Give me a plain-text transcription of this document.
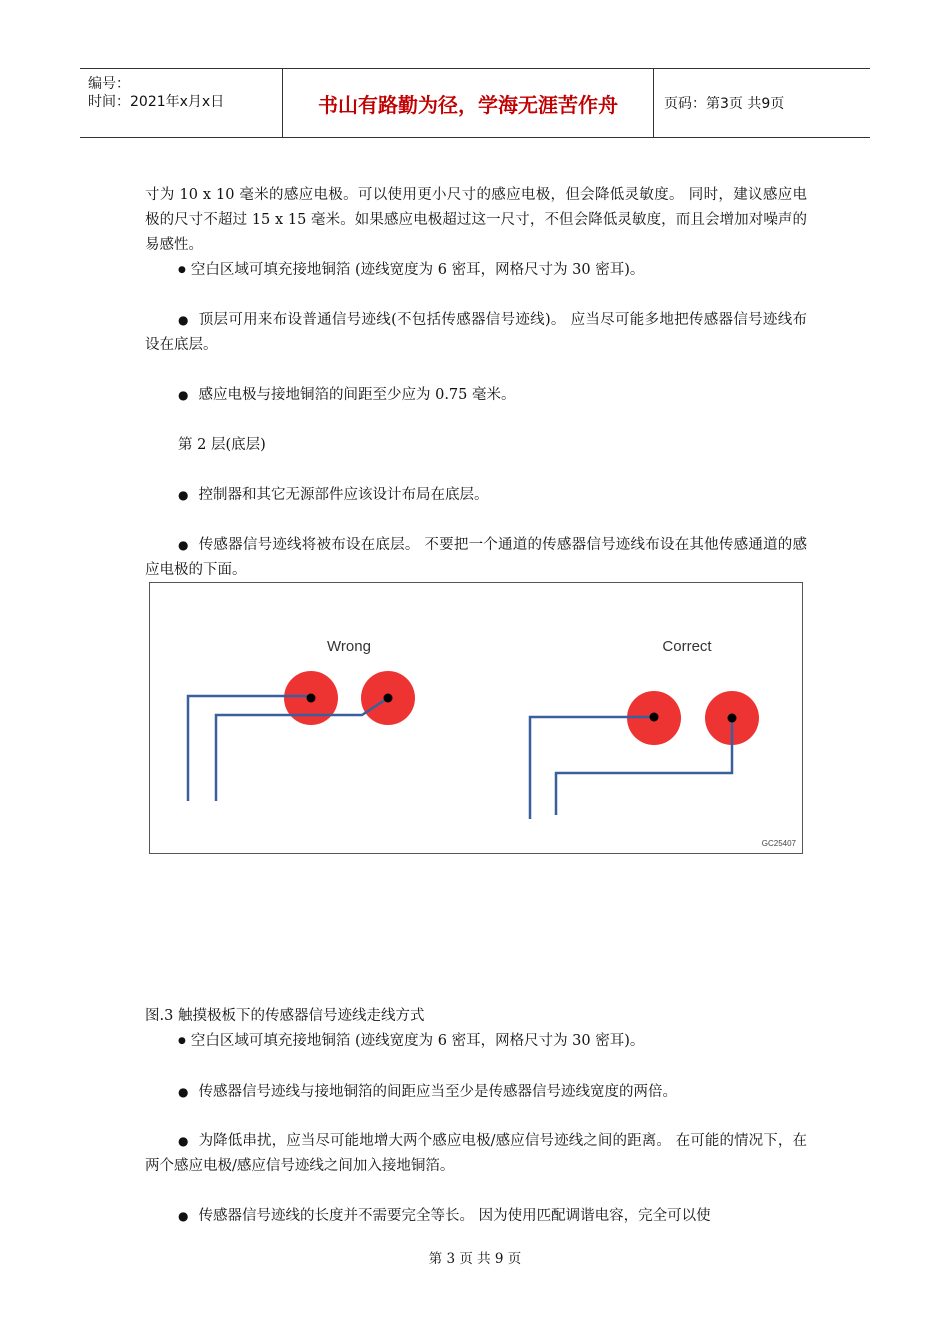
编号：
时间：2021年x月x日	书山有路勤为径，学海无涯苦作舟	页码：第3页 共9页

寸为 10 x 10 毫米的感应电极。可以使用更小尺寸的感应电极，但会降低灵敏度。 同时，建议感应电极的尺寸不超过 15 x 15 毫米。如果感应电极超过这一尺寸，不但会降低灵敏度，而且会增加对噪声的易感性。

● 空白区域可填充接地铜箔 (迹线宽度为 6 密耳，网格尺寸为 30 密耳)。

● 顶层可用来布设普通信号迹线(不包括传感器信号迹线)。 应当尽可能多地把传感器信号迹线布设在底层。

● 感应电极与接地铜箔的间距至少应为 0.75 毫米。

第 2 层(底层)

● 控制器和其它无源部件应该设计布局在底层。

● 传感器信号迹线将被布设在底层。 不要把一个通道的传感器信号迹线布设在其他传感通道的感应电极的下面。

Wrong	Correct
GC25407

图.3 触摸极板下的传感器信号迹线走线方式

● 空白区域可填充接地铜箔 (迹线宽度为 6 密耳，网格尺寸为 30 密耳)。

● 传感器信号迹线与接地铜箔的间距应当至少是传感器信号迹线宽度的两倍。

● 为降低串扰，应当尽可能地增大两个感应电极/感应信号迹线之间的距离。 在可能的情况下，在两个感应电极/感应信号迹线之间加入接地铜箔。

● 传感器信号迹线的长度并不需要完全等长。 因为使用匹配调谐电容，完全可以使

第 3 页 共 9 页
